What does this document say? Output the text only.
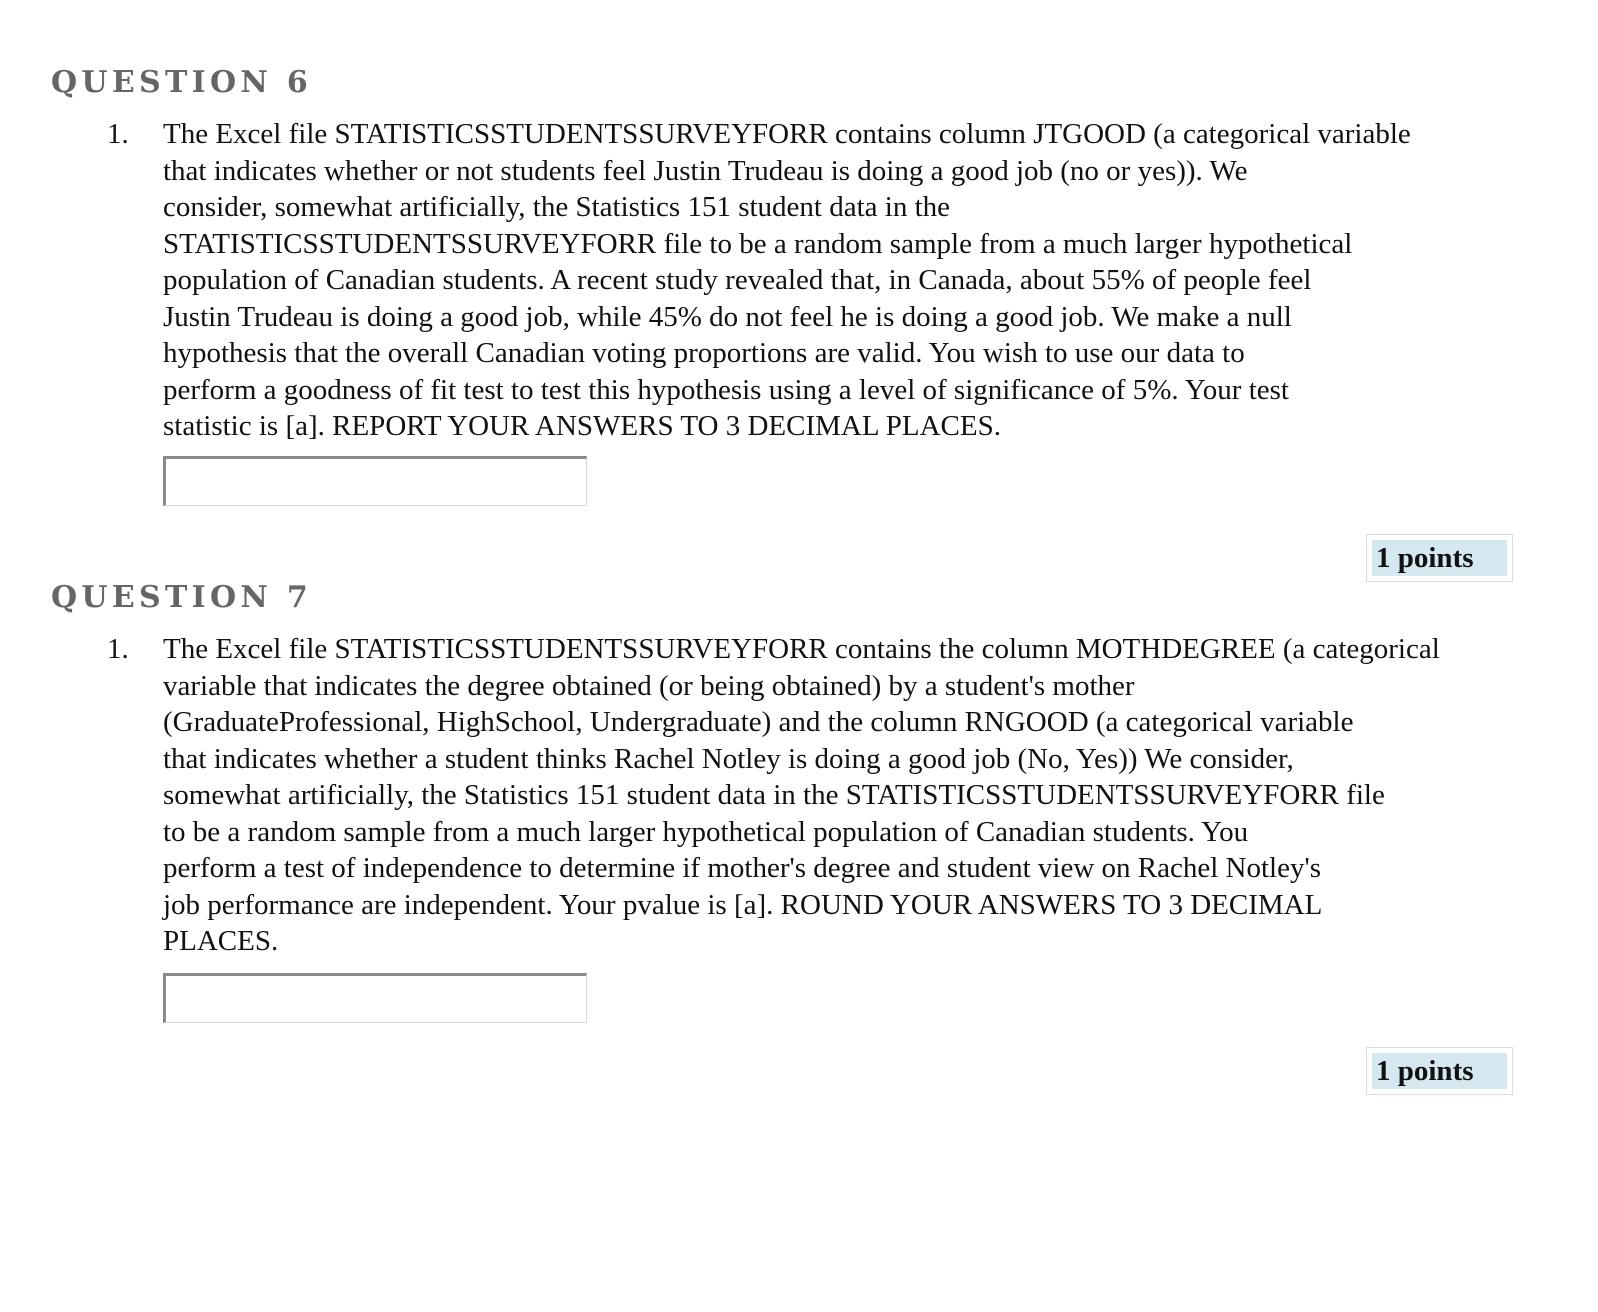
QUESTION 6
1. The Excel file STATISTICSSTUDENTSSURVEYFORR contains column JTGOOD (a categorical variable
that indicates whether or not students feel Justin Trudeau is doing a good job (no or yes)). We
consider, somewhat artificially, the Statistics 151 student data in the
STATISTICSSTUDENTSSURVEYFORR file to be a random sample from a much larger hypothetical
population of Canadian students. A recent study revealed that, in Canada, about 55% of people feel
Justin Trudeau is doing a good job, while 45% do not feel he is doing a good job. We make a null
hypothesis that the overall Canadian voting proportions are valid. You wish to use our data to
perform a goodness of fit test to test this hypothesis using a level of significance of 5%. Your test
statistic is [a]. REPORT YOUR ANSWERS TO 3 DECIMAL PLACES.

1 points
QUESTION 7
1. The Excel file STATISTICSSTUDENTSSURVEYFORR contains the column MOTHDEGREE (a categorical
variable that indicates the degree obtained (or being obtained) by a student's mother
(GraduateProfessional, HighSchool, Undergraduate) and the column RNGOOD (a categorical variable
that indicates whether a student thinks Rachel Notley is doing a good job (No, Yes)) We consider,
somewhat artificially, the Statistics 151 student data in the STATISTICSSTUDENTSSURVEYFORR file
to be a random sample from a much larger hypothetical population of Canadian students. You
perform a test of independence to determine if mother's degree and student view on Rachel Notley's
job performance are independent. Your pvalue is [a]. ROUND YOUR ANSWERS TO 3 DECIMAL
PLACES.

1 points
